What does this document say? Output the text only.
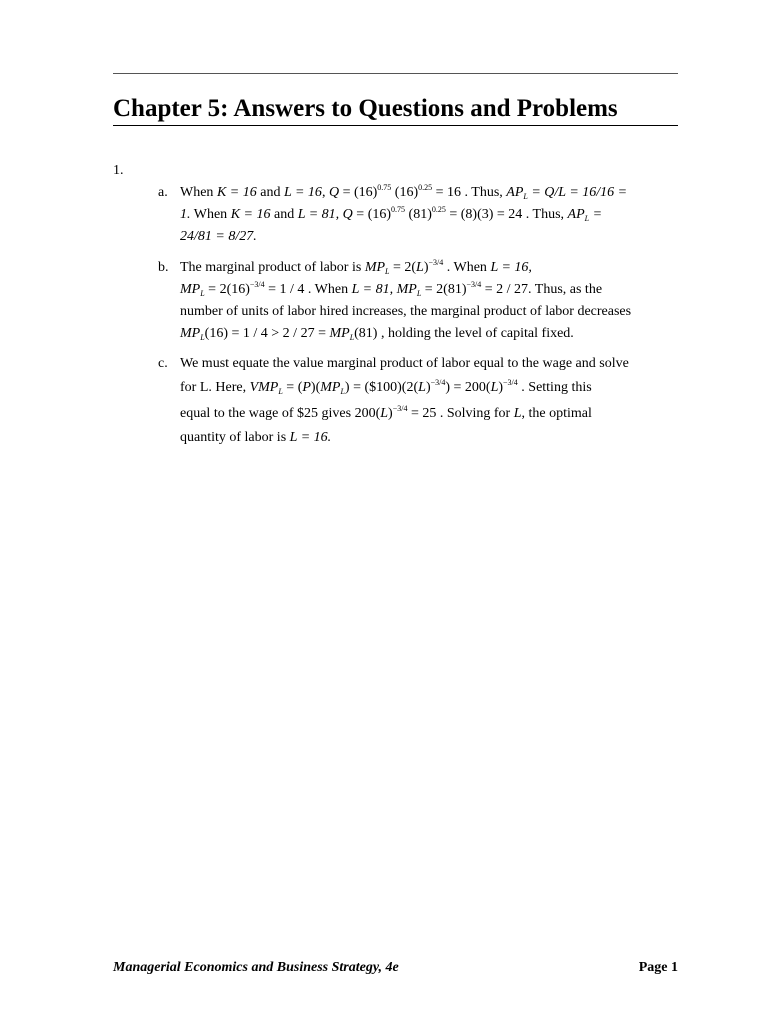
Chapter 5: Answers to Questions and Problems
1.
a. When K = 16 and L = 16, $Q = (16)^{0.75}$ $(16)^{0.25} = 16$ . Thus, $AP_L = Q/L = 16/16$ =
1. When K = 16 and L = 81, $Q = (16)^{0.75}$ $(81)^{0.25} = (8)(3) = 24$ . Thus, $AP_L$ =
24/81 = 8/27.
b. The marginal product of labor is $MP_L = 2(L)^{-3/4}$ . When L = 16,
$MP_L = 2(16)^{-3/4} = 1 / 4$ . When L = 81, $MP_L = 2(81)^{-3/4} = 2 / 27$. Thus, as the
number of units of labor hired increases, the marginal product of labor decreases
$MP_L(16) = 1 / 4 > 2 / 27 = MP_L(81)$ , holding the level of capital fixed.
c. We must equate the value marginal product of labor equal to the wage and solve
for L. Here, $VMP_L = (P)(MP_L)$ = $(\$100)(2(L)^{-3/4}) = 200(L)^{-3/4}$ . Setting this
equal to the wage of $25 gives $200(L)^{-3/4} = 25$ . Solving for L, the optimal
quantity of labor is L = 16.
Managerial Economics and Business Strategy, 4e	Page 1
